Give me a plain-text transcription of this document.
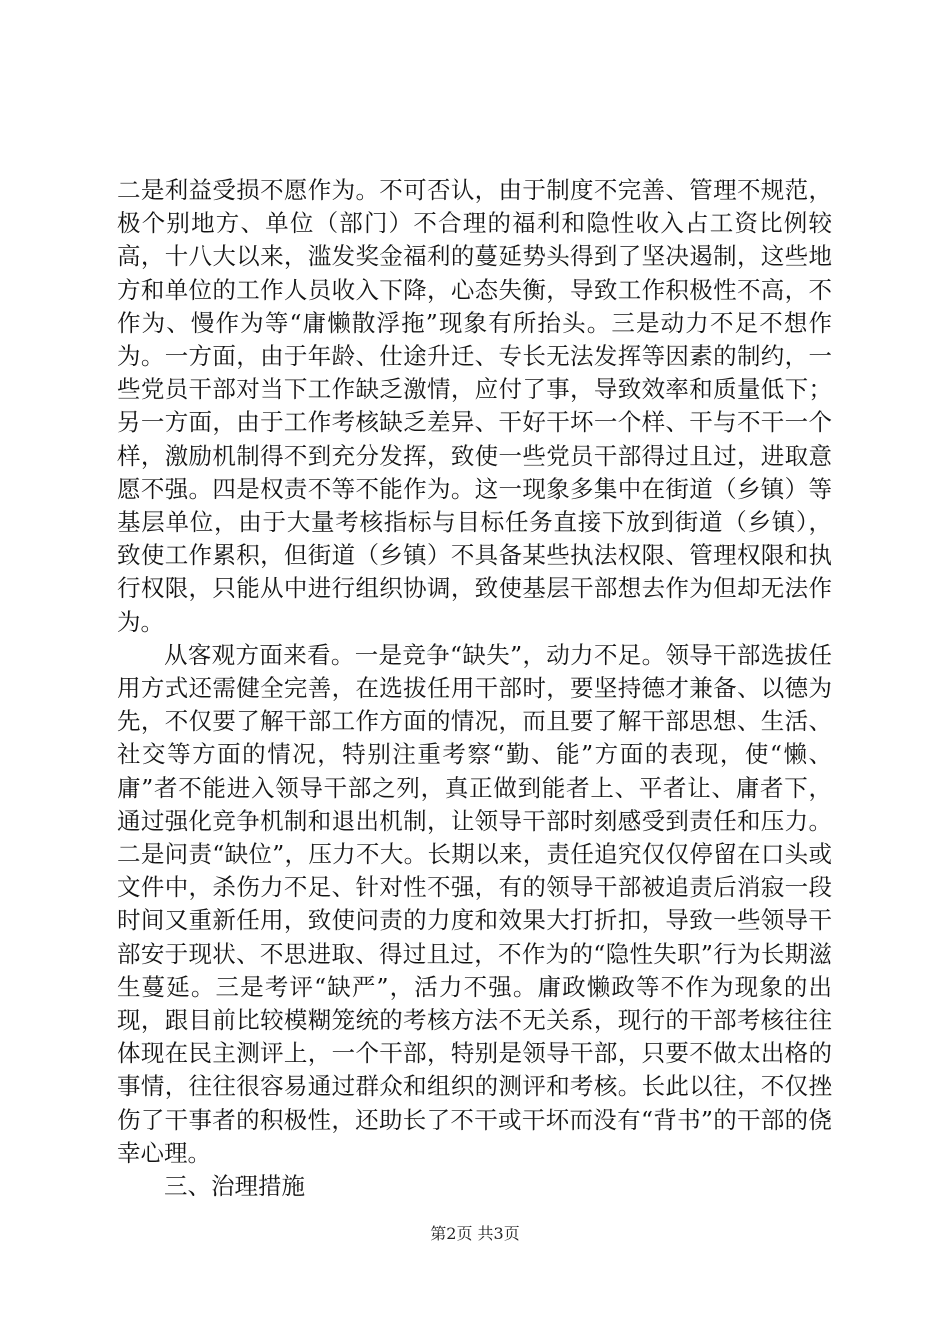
二是利益受损不愿作为。不可否认，由于制度不完善、管理不规范，极个别地方、单位（部门）不合理的福利和隐性收入占工资比例较高，十八大以来，滥发奖金福利的蔓延势头得到了坚决遏制，这些地方和单位的工作人员收入下降，心态失衡，导致工作积极性不高，不作为、慢作为等“庸懒散浮拖”现象有所抬头。三是动力不足不想作为。一方面，由于年龄、仕途升迁、专长无法发挥等因素的制约，一些党员干部对当下工作缺乏激情，应付了事，导致效率和质量低下；另一方面，由于工作考核缺乏差异、干好干坏一个样、干与不干一个样，激励机制得不到充分发挥，致使一些党员干部得过且过，进取意愿不强。四是权责不等不能作为。这一现象多集中在街道（乡镇）等基层单位，由于大量考核指标与目标任务直接下放到街道（乡镇），致使工作累积，但街道（乡镇）不具备某些执法权限、管理权限和执行权限，只能从中进行组织协调，致使基层干部想去作为但却无法作为。

从客观方面来看。一是竞争“缺失”，动力不足。领导干部选拔任用方式还需健全完善，在选拔任用干部时，要坚持德才兼备、以德为先，不仅要了解干部工作方面的情况，而且要了解干部思想、生活、社交等方面的情况，特别注重考察“勤、能”方面的表现，使“懒、庸”者不能进入领导干部之列，真正做到能者上、平者让、庸者下，通过强化竞争机制和退出机制，让领导干部时刻感受到责任和压力。二是问责“缺位”，压力不大。长期以来，责任追究仅仅停留在口头或文件中，杀伤力不足、针对性不强，有的领导干部被追责后消寂一段时间又重新任用，致使问责的力度和效果大打折扣，导致一些领导干部安于现状、不思进取、得过且过，不作为的“隐性失职”行为长期滋生蔓延。三是考评“缺严”，活力不强。庸政懒政等不作为现象的出现，跟目前比较模糊笼统的考核方法不无关系，现行的干部考核往往体现在民主测评上，一个干部，特别是领导干部，只要不做太出格的事情，往往很容易通过群众和组织的测评和考核。长此以往，不仅挫伤了干事者的积极性，还助长了不干或干坏而没有“背书”的干部的侥幸心理。

三、治理措施

第2页 共3页
